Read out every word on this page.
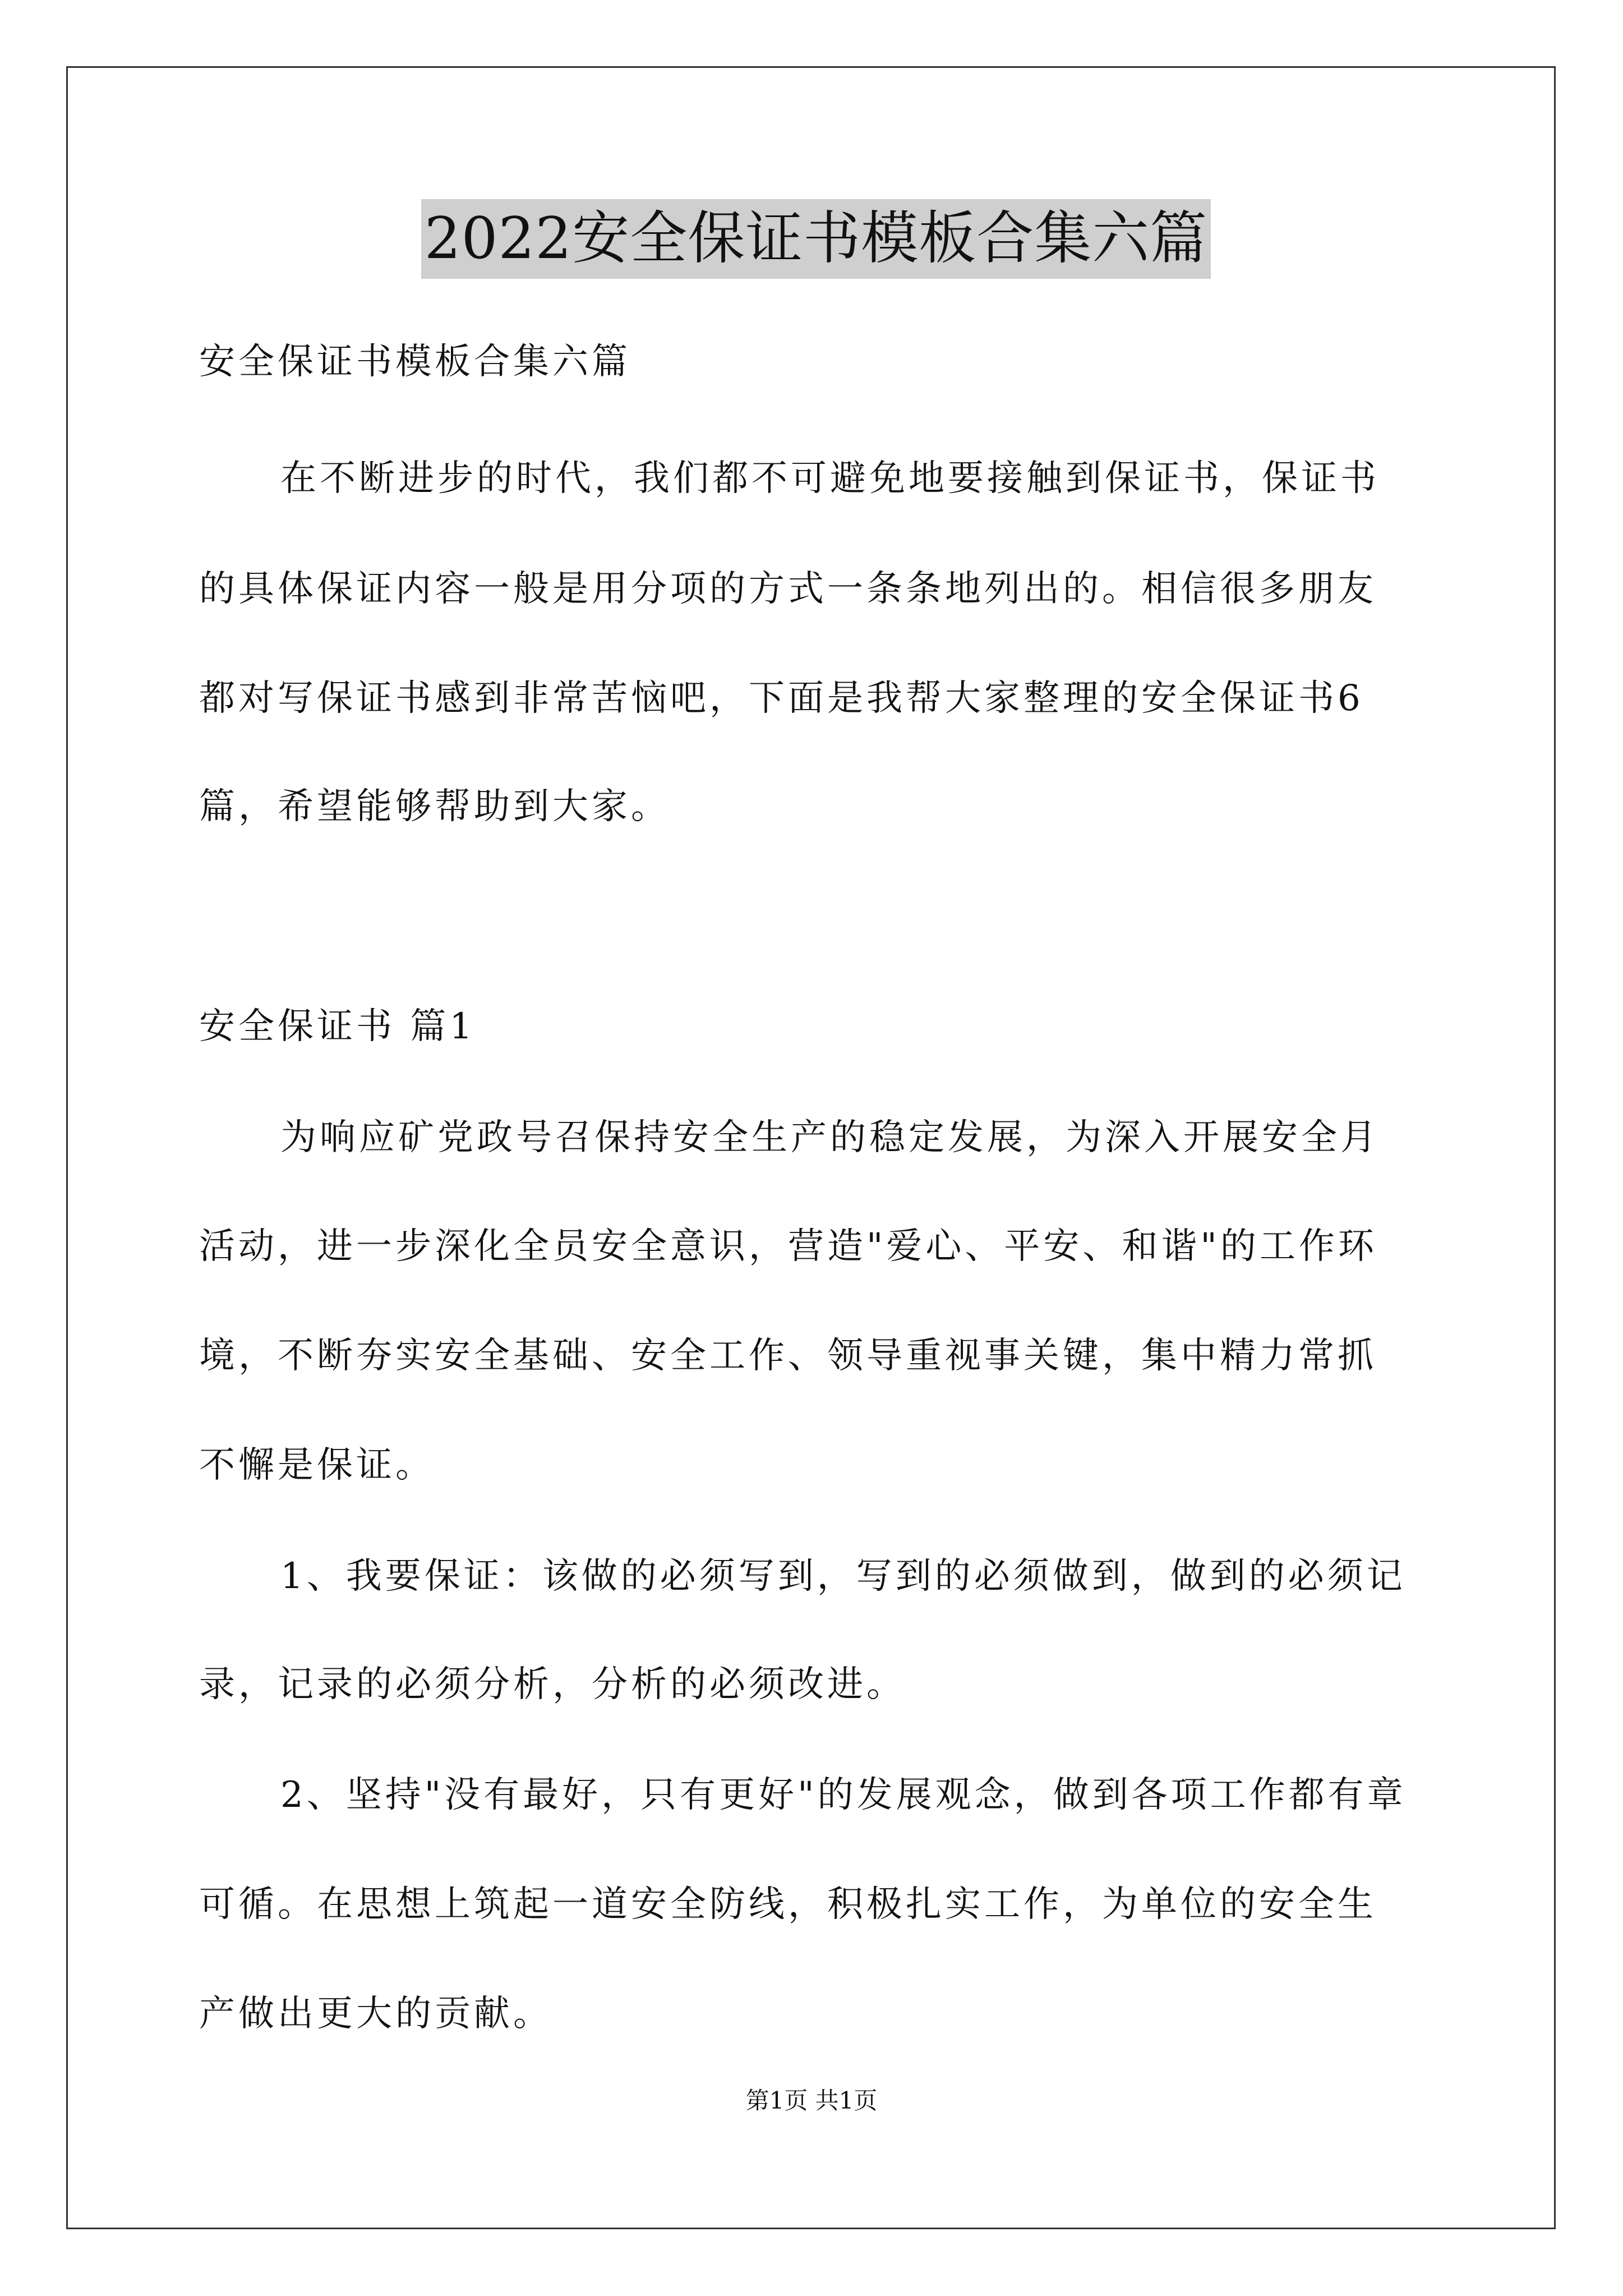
2022安全保证书模板合集六篇
安全保证书模板合集六篇
在不断进步的时代，我们都不可避免地要接触到保证书，保证书
的具体保证内容一般是用分项的方式一条条地列出的。相信很多朋友
都对写保证书感到非常苦恼吧，下面是我帮大家整理的安全保证书6
篇，希望能够帮助到大家。
安全保证书 篇1
为响应矿党政号召保持安全生产的稳定发展，为深入开展安全月
活动，进一步深化全员安全意识，营造"爱心、平安、和谐"的工作环
境，不断夯实安全基础、安全工作、领导重视事关键，集中精力常抓
不懈是保证。
1、我要保证：该做的必须写到，写到的必须做到，做到的必须记
录，记录的必须分析，分析的必须改进。
2、坚持"没有最好，只有更好"的发展观念，做到各项工作都有章
可循。在思想上筑起一道安全防线，积极扎实工作，为单位的安全生
产做出更大的贡献。
第1页 共1页
